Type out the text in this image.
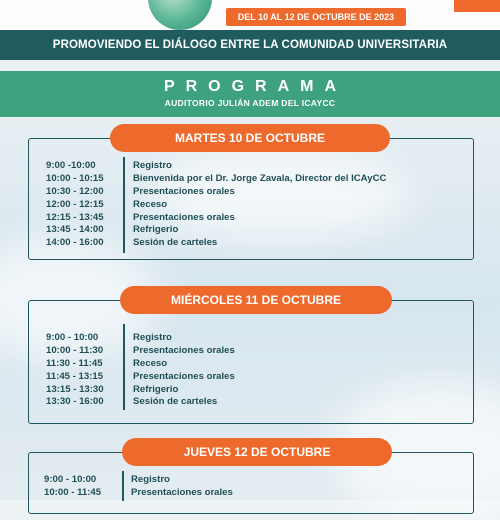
DEL 10 AL 12 DE OCTUBRE DE 2023
PROMOVIENDO EL DIÁLOGO ENTRE LA COMUNIDAD UNIVERSITARIA
PROGRAMA
AUDITORIO JULIÁN ADEM DEL ICAYCC
MARTES 10 DE OCTUBRE
9:00 -10:00	Registro
10:00 - 10:15	Bienvenida por el Dr. Jorge Zavala, Director del ICAyCC
10:30 - 12:00	Presentaciones orales
12:00 - 12:15	Receso
12:15 - 13:45	Presentaciones orales
13:45 - 14:00	Refrigerio
14:00 - 16:00	Sesión de carteles
MIÉRCOLES 11 DE OCTUBRE
9:00 - 10:00	Registro
10:00 - 11:30	Presentaciones orales
11:30 - 11:45	Receso
11:45 - 13:15	Presentaciones orales
13:15 - 13:30	Refrigerio
13:30 - 16:00	Sesión de carteles
JUEVES 12 DE OCTUBRE
9:00 - 10:00	Registro
10:00 - 11:45	Presentaciones orales
